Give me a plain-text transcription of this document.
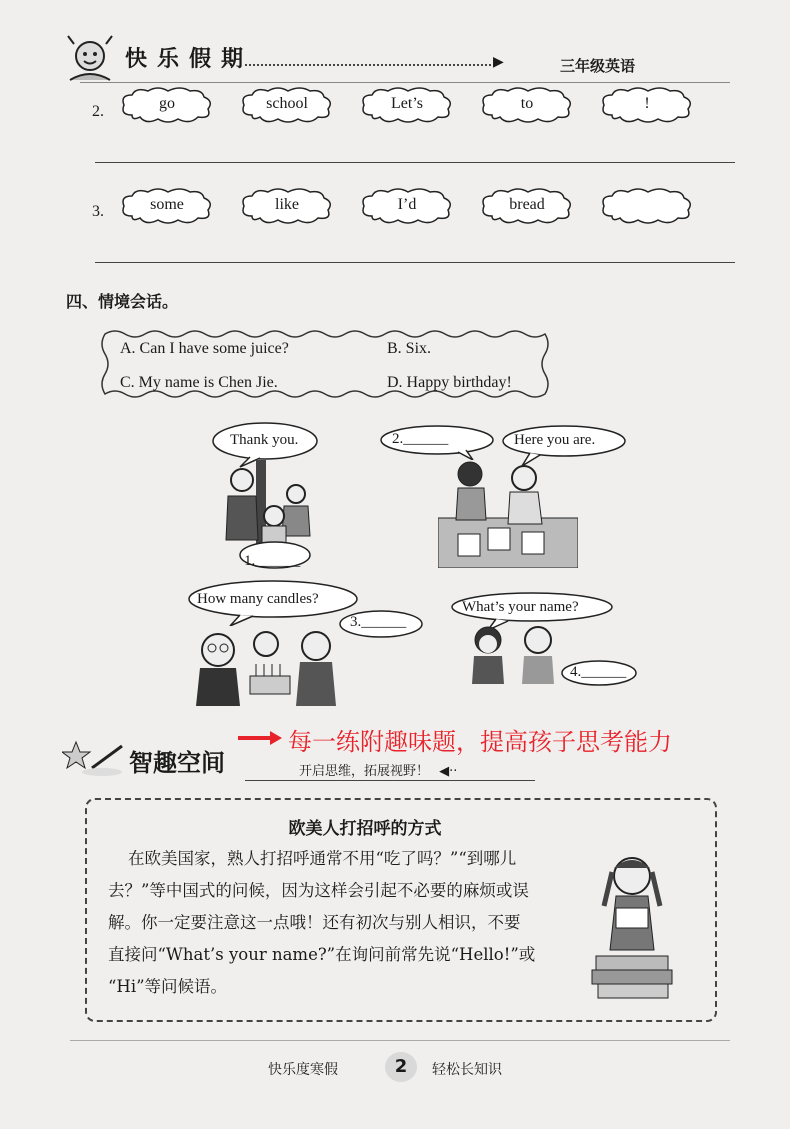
快乐假期	▶	三年级英语
2.	go	school	Let’s	to	!
3.	some	like	I’d	bread
四、情境会话。
A. Can I have some juice?	B. Six.
C. My name is Chen Jie.	D. Happy birthday!
Thank you.
1.______
2.______	Here you are.
How many candles?
3.______
What’s your name?
4.______
每一练附趣味题，提高孩子思考能力
智趣空间	开启思维，拓展视野！ ◀··
欧美人打招呼的方式
在欧美国家，熟人打招呼通常不用“吃了吗？”“到哪儿
去？”等中国式的问候，因为这样会引起不必要的麻烦或误
解。你一定要注意这一点哦！还有初次与别人相识，不要
直接问“What’s your name?”在询问前常先说“Hello!”或
“Hi”等问候语。
快乐度寒假	2	轻松长知识
